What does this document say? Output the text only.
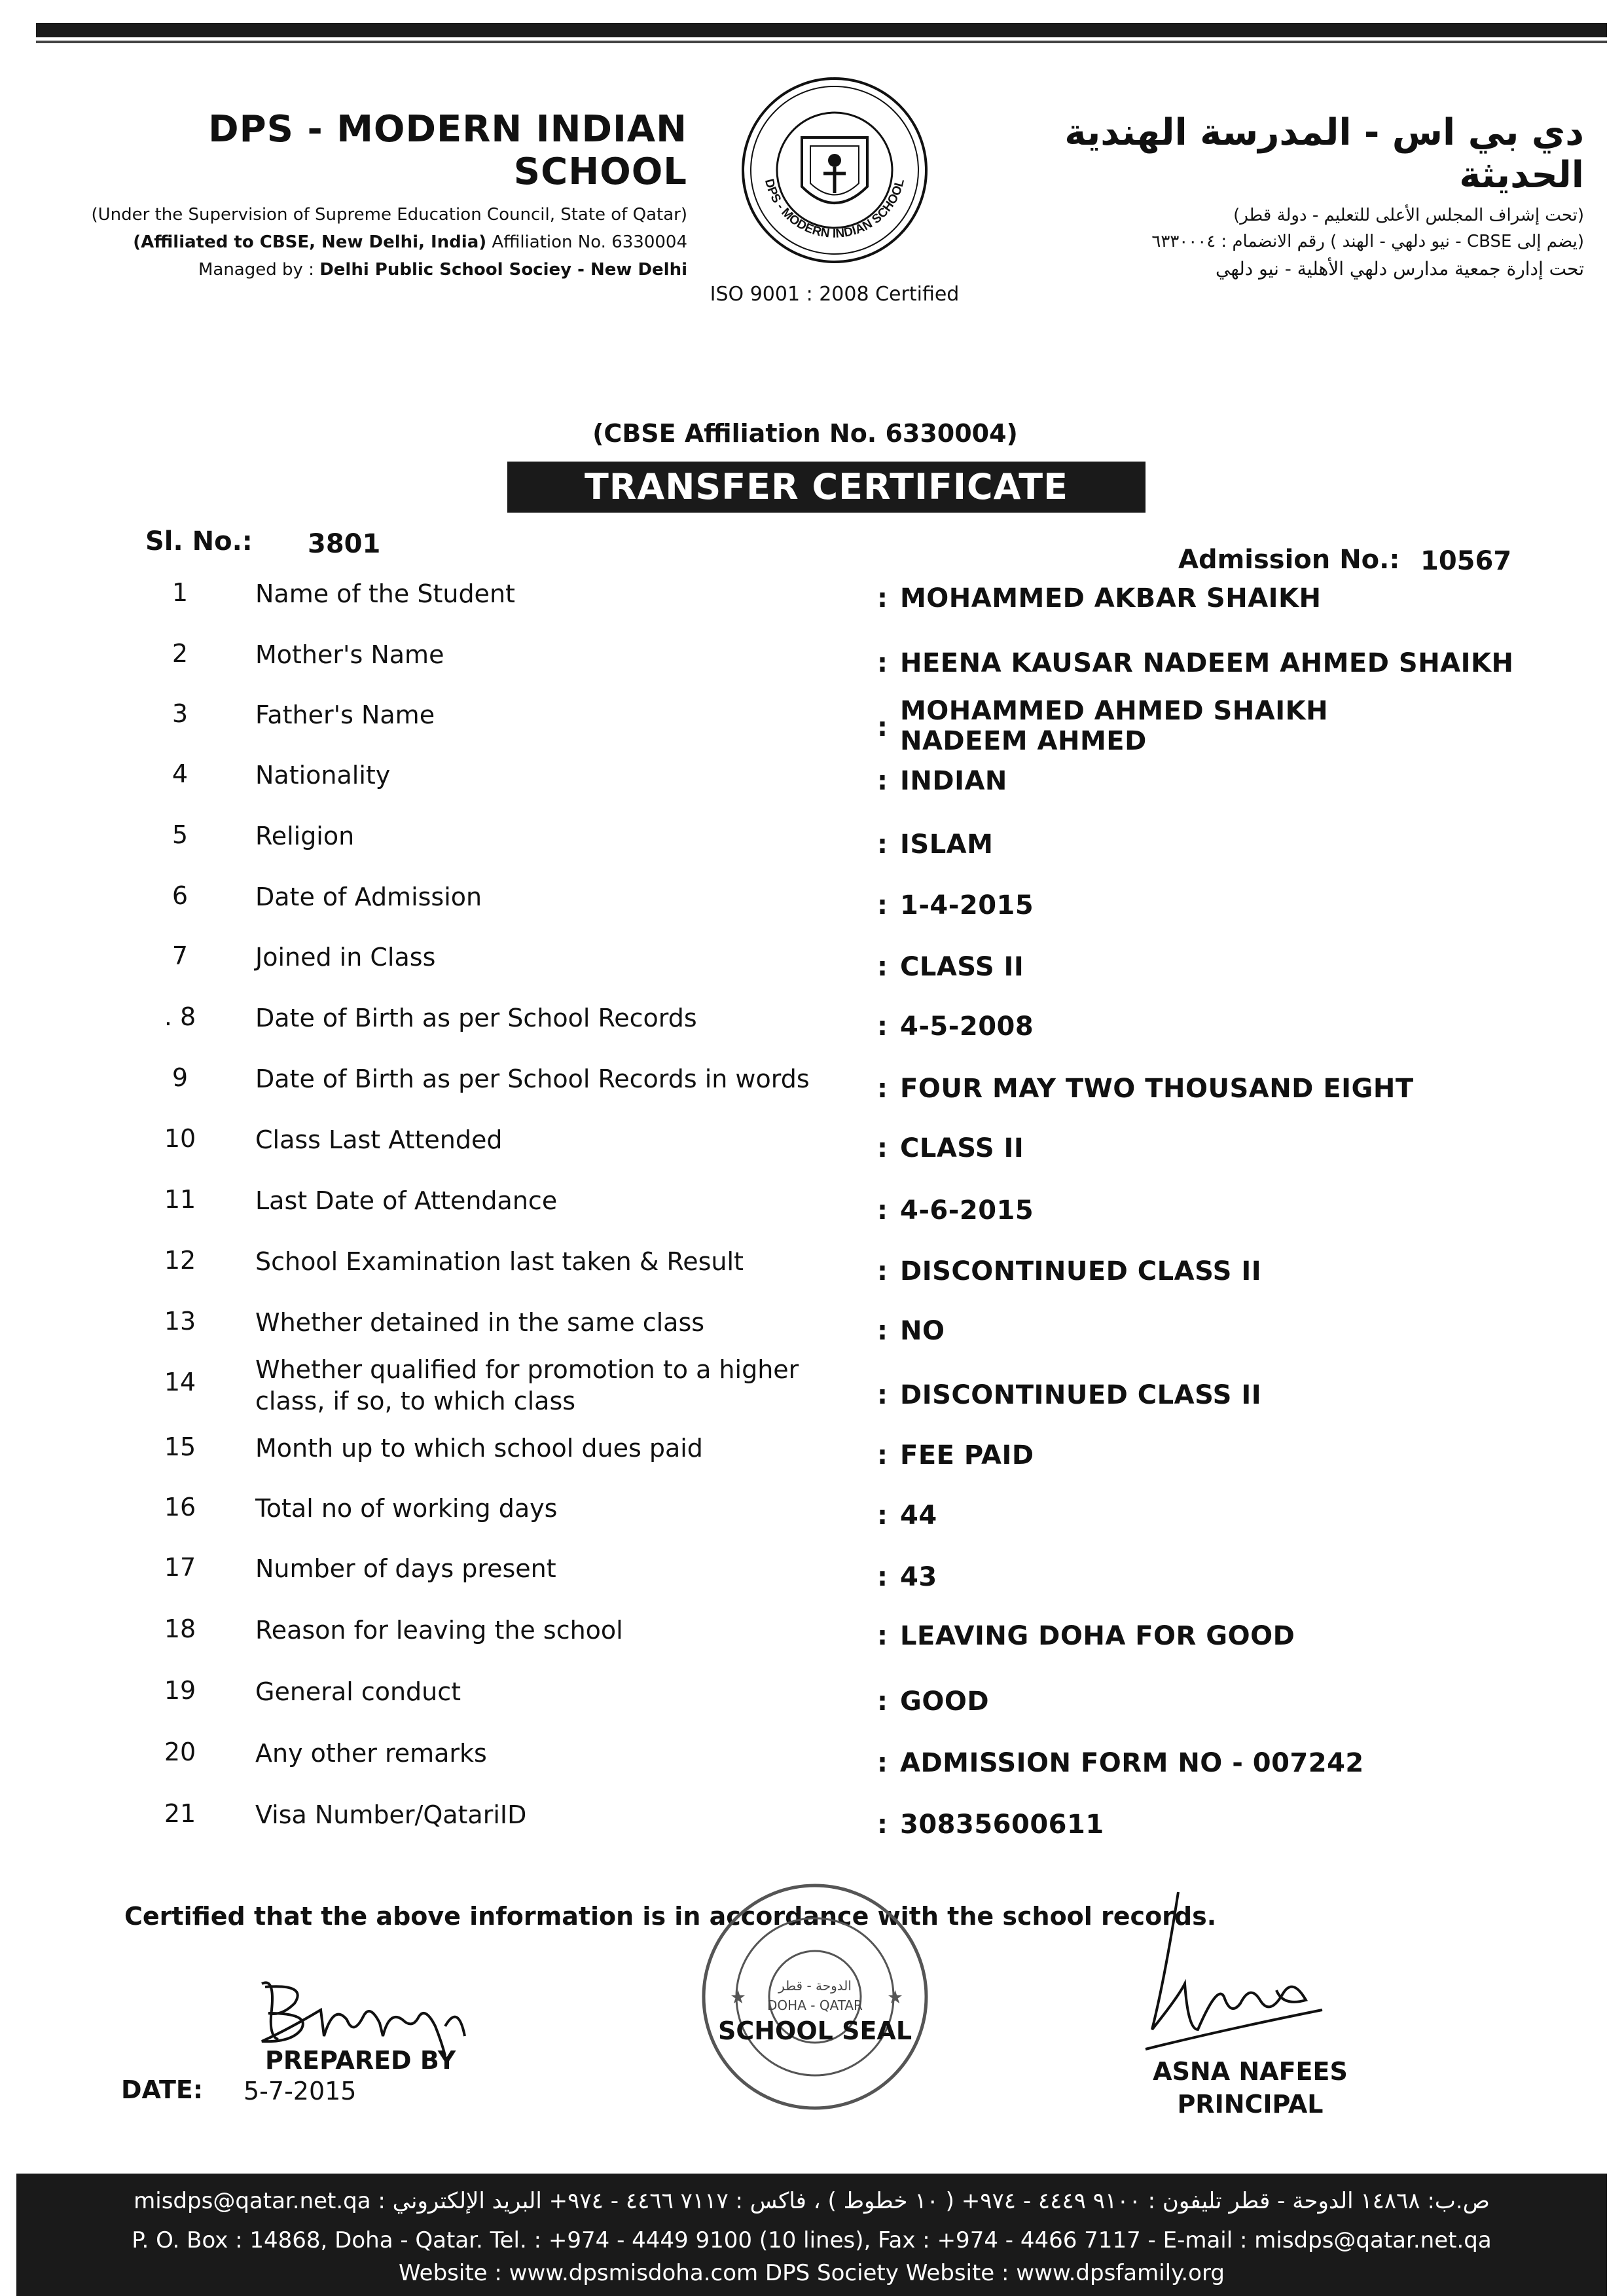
DPS - MODERN INDIAN SCHOOL
(Under the Supervision of Supreme Education Council, State of Qatar)
(Affiliated to CBSE, New Delhi, India) Affiliation No. 6330004
Managed by : Delhi Public School Sociey - New Delhi
DPS - MODERN INDIAN SCHOOL
دي بي اس - المدرسة الهندية الحديثة
(تحت إشراف المجلس الأعلى للتعليم - دولة قطر)
(يضم إلى CBSE - نيو دلهي - الهند ) رقم الانضمام : ٦٣٣٠٠٠٤
تحت إدارة جمعية مدارس دلهي الأهلية - نيو دلهي
ISO 9001 : 2008 Certified
(CBSE Affiliation No. 6330004)
TRANSFER CERTIFICATE
Sl. No.: 3801
Admission No.: 10567
1	Name of the Student	: MOHAMMED AKBAR SHAIKH
2	Mother's Name	: HEENA KAUSAR NADEEM AHMED SHAIKH
3	Father's Name	:
MOHAMMED AHMED SHAIKH NADEEM AHMED
4	Nationality	: INDIAN
5	Religion	: ISLAM
6	Date of Admission	: 1-4-2015
7	Joined in Class	: CLASS II
. 8	Date of Birth as per School Records	: 4-5-2008
9	Date of Birth as per School Records in words	: FOUR MAY TWO THOUSAND EIGHT
10	Class Last Attended	: CLASS II
11	Last Date of Attendance	: 4-6-2015
12	School Examination last taken & Result	: DISCONTINUED CLASS II
13	Whether detained in the same class	: NO
14	Whether qualified for promotion to a higher class, if so, to which class	: DISCONTINUED CLASS II
15	Month up to which school dues paid	: FEE PAID
16	Total no of working days	: 44
17	Number of days present	: 43
18	Reason for leaving the school	: LEAVING DOHA FOR GOOD
19	General conduct	: GOOD
20	Any other remarks	: ADMISSION FORM NO - 007242
21	Visa Number/QatariID	: 30835600611
Certified that the above information is in accordance with the school records.
PREPARED BY
DATE: 5-7-2015
الدوحة - قطر
DOHA - QATAR
★	★
SCHOOL SEAL
ASNA NAFEES
PRINCIPAL
ص.ب: ١٤٨٦٨ الدوحة - قطر تليفون : ٩١٠٠ ٤٤٤٩ - ٩٧٤+ ( ١٠ خطوط ) ، فاكس : ٧١١٧ ٤٤٦٦ - ٩٧٤+ البريد الإلكتروني : misdps@qatar.net.qa
P. O. Box : 14868, Doha - Qatar. Tel. : +974 - 4449 9100 (10 lines), Fax : +974 - 4466 7117 - E-mail : misdps@qatar.net.qa
Website : www.dpsmisdoha.com DPS Society Website : www.dpsfamily.org
